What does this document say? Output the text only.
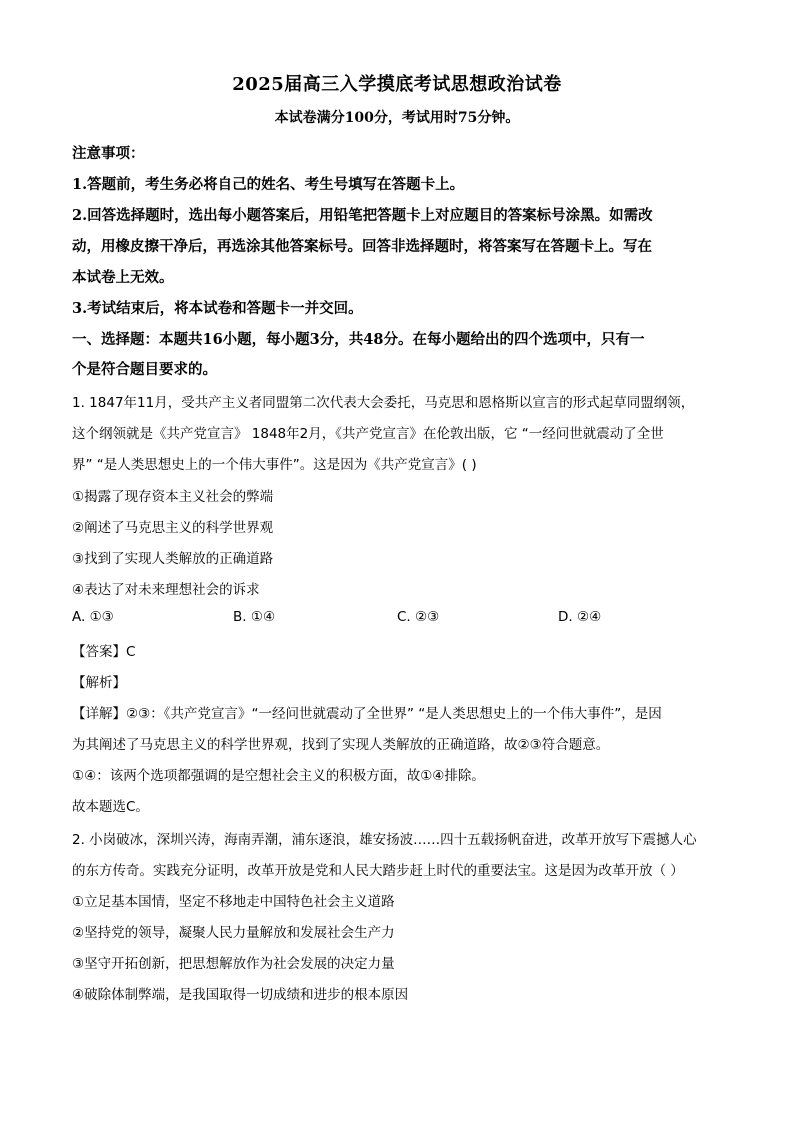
2025届高三入学摸底考试思想政治试卷
本试卷满分100分，考试用时75分钟。
注意事项：
1.答题前，考生务必将自己的姓名、考生号填写在答题卡上。
2.回答选择题时，选出每小题答案后，用铅笔把答题卡上对应题目的答案标号涂黑。如需改
动，用橡皮擦干净后，再选涂其他答案标号。回答非选择题时，将答案写在答题卡上。写在
本试卷上无效。
3.考试结束后，将本试卷和答题卡一并交回。
一、选择题：本题共16小题，每小题3分，共48分。在每小题给出的四个选项中，只有一
个是符合题目要求的。
1. 1847年11月，受共产主义者同盟第二次代表大会委托，马克思和恩格斯以宣言的形式起草同盟纲领，
这个纲领就是《共产党宣言》 1848年2月，《共产党宣言》在伦敦出版，它 “一经问世就震动了全世
界” “是人类思想史上的一个伟大事件”。这是因为《共产党宣言》( )
①揭露了现存资本主义社会的弊端
②阐述了马克思主义的科学世界观
③找到了实现人类解放的正确道路
④表达了对未来理想社会的诉求
A. ①③	B. ①④	C. ②③	D. ②④
【答案】C
【解析】
【详解】②③：《共产党宣言》“一经问世就震动了全世界” “是人类思想史上的一个伟大事件”，是因
为其阐述了马克思主义的科学世界观，找到了实现人类解放的正确道路，故②③符合题意。
①④：该两个选项都强调的是空想社会主义的积极方面，故①④排除。
故本题选C。
2. 小岗破冰，深圳兴涛，海南弄潮，浦东逐浪，雄安扬波……四十五载扬帆奋进，改革开放写下震撼人心
的东方传奇。实践充分证明，改革开放是党和人民大踏步赶上时代的重要法宝。这是因为改革开放（ ）
①立足基本国情，坚定不移地走中国特色社会主义道路
②坚持党的领导，凝聚人民力量解放和发展社会生产力
③坚守开拓创新，把思想解放作为社会发展的决定力量
④破除体制弊端，是我国取得一切成绩和进步的根本原因
